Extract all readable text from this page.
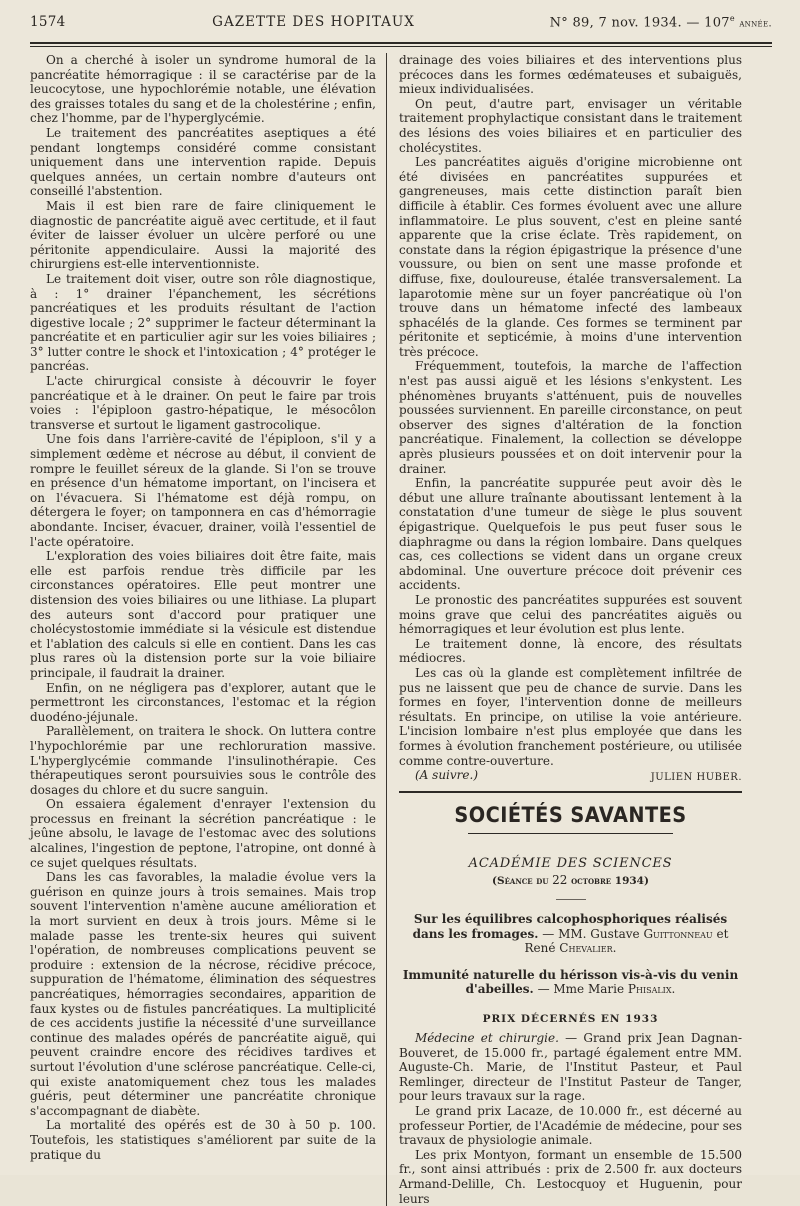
1574	GAZETTE DES HOPITAUX	N° 89, 7 nov. 1934. — 107e année.

On a cherché à isoler un syndrome humoral de la pancréatite hémorragique : il se caractérise par de la leucocytose, une hypochlorémie notable, une élévation des graisses totales du sang et de la cholestérine ; enfin, chez l'homme, par de l'hyperglycémie.

Le traitement des pancréatites aseptiques a été pendant longtemps considéré comme consistant uniquement dans une intervention rapide. Depuis quelques années, un certain nombre d'auteurs ont conseillé l'abstention.

Mais il est bien rare de faire cliniquement le diagnostic de pancréatite aiguë avec certitude, et il faut éviter de laisser évoluer un ulcère perforé ou une péritonite appendiculaire. Aussi la majorité des chirurgiens est-elle interventionniste.

Le traitement doit viser, outre son rôle diagnostique, à : 1° drainer l'épanchement, les sécrétions pancréatiques et les produits résultant de l'action digestive locale ; 2° supprimer le facteur déterminant la pancréatite et en particulier agir sur les voies biliaires ; 3° lutter contre le shock et l'intoxication ; 4° protéger le pancréas.

L'acte chirurgical consiste à découvrir le foyer pancréatique et à le drainer. On peut le faire par trois voies : l'épiploon gastro-hépatique, le mésocôlon transverse et surtout le ligament gastrocolique.

Une fois dans l'arrière-cavité de l'épiploon, s'il y a simplement œdème et nécrose au début, il convient de rompre le feuillet séreux de la glande. Si l'on se trouve en présence d'un hématome important, on l'incisera et on l'évacuera. Si l'hématome est déjà rompu, on détergera le foyer; on tamponnera en cas d'hémorragie abondante. Inciser, évacuer, drainer, voilà l'essentiel de l'acte opératoire.

L'exploration des voies biliaires doit être faite, mais elle est parfois rendue très difficile par les circonstances opératoires. Elle peut montrer une distension des voies biliaires ou une lithiase. La plupart des auteurs sont d'accord pour pratiquer une cholécystostomie immédiate si la vésicule est distendue et l'ablation des calculs si elle en contient. Dans les cas plus rares où la distension porte sur la voie biliaire principale, il faudrait la drainer.

Enfin, on ne négligera pas d'explorer, autant que le permettront les circonstances, l'estomac et la région duodéno-jéjunale.

Parallèlement, on traitera le shock. On luttera contre l'hypochlorémie par une rechloruration massive. L'hyperglycémie commande l'insulinothérapie. Ces thérapeutiques seront poursuivies sous le contrôle des dosages du chlore et du sucre sanguin.

On essaiera également d'enrayer l'extension du processus en freinant la sécrétion pancréatique : le jeûne absolu, le lavage de l'estomac avec des solutions alcalines, l'ingestion de peptone, l'atropine, ont donné à ce sujet quelques résultats.

Dans les cas favorables, la maladie évolue vers la guérison en quinze jours à trois semaines. Mais trop souvent l'intervention n'amène aucune amélioration et la mort survient en deux à trois jours. Même si le malade passe les trente-six heures qui suivent l'opération, de nombreuses complications peuvent se produire : extension de la nécrose, récidive précoce, suppuration de l'hématome, élimination des séquestres pancréatiques, hémorragies secondaires, apparition de faux kystes ou de fistules pancréatiques. La multiplicité de ces accidents justifie la nécessité d'une surveillance continue des malades opérés de pancréatite aiguë, qui peuvent craindre encore des récidives tardives et surtout l'évolution d'une sclérose pancréatique. Celle-ci, qui existe anatomiquement chez tous les malades guéris, peut déterminer une pancréatite chronique s'accompagnant de diabète.

La mortalité des opérés est de 30 à 50 p. 100. Toutefois, les statistiques s'améliorent par suite de la pratique du

drainage des voies biliaires et des interventions plus précoces dans les formes œdémateuses et subaiguës, mieux individualisées.

On peut, d'autre part, envisager un véritable traitement prophylactique consistant dans le traitement des lésions des voies biliaires et en particulier des cholécystites.

Les pancréatites aiguës d'origine microbienne ont été divisées en pancréatites suppurées et gangreneuses, mais cette distinction paraît bien difficile à établir. Ces formes évoluent avec une allure inflammatoire. Le plus souvent, c'est en pleine santé apparente que la crise éclate. Très rapidement, on constate dans la région épigastrique la présence d'une voussure, ou bien on sent une masse profonde et diffuse, fixe, douloureuse, étalée transversalement. La laparotomie mène sur un foyer pancréatique où l'on trouve dans un hématome infecté des lambeaux sphacélés de la glande. Ces formes se terminent par péritonite et septicémie, à moins d'une intervention très précoce.

Fréquemment, toutefois, la marche de l'affection n'est pas aussi aiguë et les lésions s'enkystent. Les phénomènes bruyants s'atténuent, puis de nouvelles poussées surviennent. En pareille circonstance, on peut observer des signes d'altération de la fonction pancréatique. Finalement, la collection se développe après plusieurs poussées et on doit intervenir pour la drainer.

Enfin, la pancréatite suppurée peut avoir dès le début une allure traînante aboutissant lentement à la constatation d'une tumeur de siège le plus souvent épigastrique. Quelquefois le pus peut fuser sous le diaphragme ou dans la région lombaire. Dans quelques cas, ces collections se vident dans un organe creux abdominal. Une ouverture précoce doit prévenir ces accidents.

Le pronostic des pancréatites suppurées est souvent moins grave que celui des pancréatites aiguës ou hémorragiques et leur évolution est plus lente.

Le traitement donne, là encore, des résultats médiocres.

Les cas où la glande est complètement infiltrée de pus ne laissent que peu de chance de survie. Dans les formes en foyer, l'intervention donne de meilleurs résultats. En principe, on utilise la voie antérieure. L'incision lombaire n'est plus employée que dans les formes à évolution franchement postérieure, ou utilisée comme contre-ouverture.

(A suivre.)	JULIEN HUBER.
SOCIÉTÉS SAVANTES
ACADÉMIE DES SCIENCES
(Séance du 22 octobre 1934)
Sur les équilibres calcophosphoriques réalisés dans les fromages. — MM. Gustave Guittonneau et René Chevalier.
Immunité naturelle du hérisson vis-à-vis du venin d'abeilles. — Mme Marie Phisalix.
PRIX DÉCERNÉS EN 1933

Médecine et chirurgie. — Grand prix Jean Dagnan-Bouveret, de 15.000 fr., partagé également entre MM. Auguste-Ch. Marie, de l'Institut Pasteur, et Paul Remlinger, directeur de l'Institut Pasteur de Tanger, pour leurs travaux sur la rage.

Le grand prix Lacaze, de 10.000 fr., est décerné au professeur Portier, de l'Académie de médecine, pour ses travaux de physiologie animale.

Les prix Montyon, formant un ensemble de 15.500 fr., sont ainsi attribués : prix de 2.500 fr. aux docteurs Armand-Delille, Ch. Lestocquoy et Huguenin, pour leurs
